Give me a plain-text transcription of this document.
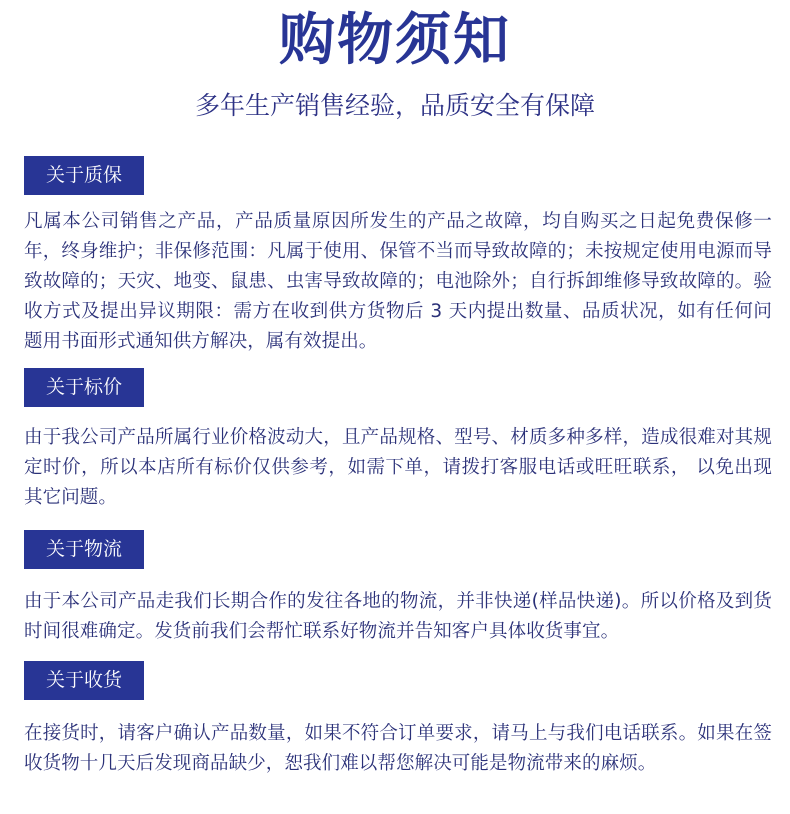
购物须知
多年生产销售经验，品质安全有保障
关于质保
凡属本公司销售之产品，产品质量原因所发生的产品之故障，均自购买之日起免费保修一年，终身维护；非保修范围：凡属于使用、保管不当而导致故障的；未按规定使用电源而导致故障的；天灾、地变、鼠患、虫害导致故障的；电池除外；自行拆卸维修导致故障的。验收方式及提出异议期限：需方在收到供方货物后 3 天内提出数量、品质状况，如有任何问题用书面形式通知供方解决，属有效提出。
关于标价
由于我公司产品所属行业价格波动大，且产品规格、型号、材质多种多样，造成很难对其规定时价，所以本店所有标价仅供参考，如需下单，请拨打客服电话或旺旺联系， 以免出现其它问题。
关于物流
由于本公司产品走我们长期合作的发往各地的物流，并非快递(样品快递)。所以价格及到货时间很难确定。发货前我们会帮忙联系好物流并告知客户具体收货事宜。
关于收货
在接货时，请客户确认产品数量，如果不符合订单要求，请马上与我们电话联系。如果在签收货物十几天后发现商品缺少，恕我们难以帮您解决可能是物流带来的麻烦。
